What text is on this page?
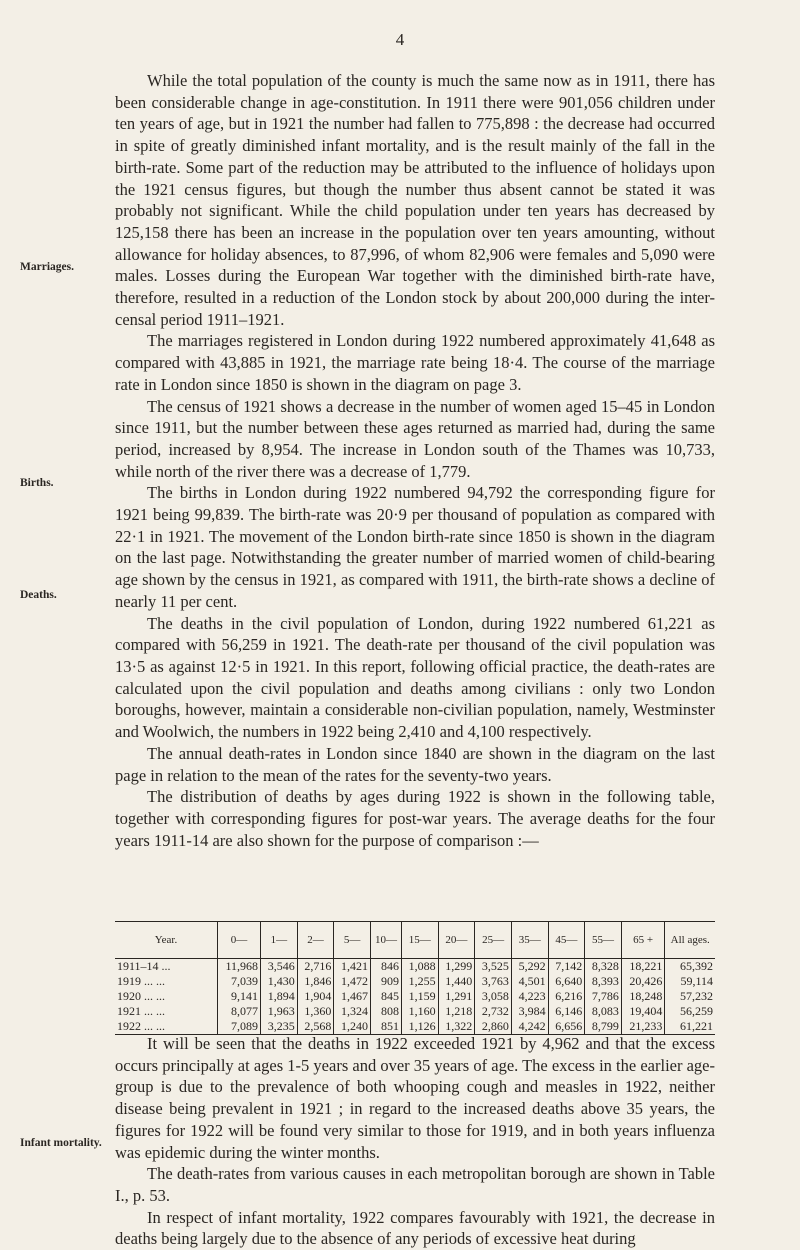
4

While the total population of the county is much the same now as in 1911, there has been considerable change in age-constitution. In 1911 there were 901,056 children under ten years of age, but in 1921 the number had fallen to 775,898 : the decrease had occurred in spite of greatly diminished infant mortality, and is the result mainly of the fall in the birth-rate. Some part of the reduction may be attributed to the influence of holidays upon the 1921 census figures, but though the number thus absent cannot be stated it was probably not significant. While the child population under ten years has decreased by 125,158 there has been an increase in the population over ten years amounting, without allowance for holiday absences, to 87,996, of whom 82,906 were females and 5,090 were males. Losses during the European War together with the diminished birth-rate have, therefore, resulted in a reduction of the London stock by about 200,000 during the inter-censal period 1911–1921.

The marriages registered in London during 1922 numbered approximately 41,648 as compared with 43,885 in 1921, the marriage rate being 18·4. The course of the marriage rate in London since 1850 is shown in the diagram on page 3.

The census of 1921 shows a decrease in the number of women aged 15–45 in London since 1911, but the number between these ages returned as married had, during the same period, increased by 8,954. The increase in London south of the Thames was 10,733, while north of the river there was a decrease of 1,779.

The births in London during 1922 numbered 94,792 the corresponding figure for 1921 being 99,839. The birth-rate was 20·9 per thousand of population as compared with 22·1 in 1921. The movement of the London birth-rate since 1850 is shown in the diagram on the last page. Notwithstanding the greater number of married women of child-bearing age shown by the census in 1921, as compared with 1911, the birth-rate shows a decline of nearly 11 per cent.

The deaths in the civil population of London, during 1922 numbered 61,221 as compared with 56,259 in 1921. The death-rate per thousand of the civil population was 13·5 as against 12·5 in 1921. In this report, following official practice, the death-rates are calculated upon the civil population and deaths among civilians : only two London boroughs, however, maintain a considerable non-civilian population, namely, Westminster and Woolwich, the numbers in 1922 being 2,410 and 4,100 respectively.

The annual death-rates in London since 1840 are shown in the diagram on the last page in relation to the mean of the rates for the seventy-two years.

The distribution of deaths by ages during 1922 is shown in the following table, together with corresponding figures for post-war years. The average deaths for the four years 1911-14 are also shown for the purpose of comparison :—

Marriages.
Births.
Deaths.
Infant mortality.
Year.	0—	1—	2—	5—	10—	15—	20—	25—	35—	45—	55—	65 +	All ages.
1911–14 ...	11,968	3,546	2,716	1,421	846	1,088	1,299	3,525	5,292	7,142	8,328	18,221	65,392
1919 ... ...	7,039	1,430	1,846	1,472	909	1,255	1,440	3,763	4,501	6,640	8,393	20,426	59,114
1920 ... ...	9,141	1,894	1,904	1,467	845	1,159	1,291	3,058	4,223	6,216	7,786	18,248	57,232
1921 ... ...	8,077	1,963	1,360	1,324	808	1,160	1,218	2,732	3,984	6,146	8,083	19,404	56,259
1922 ... ...	7,089	3,235	2,568	1,240	851	1,126	1,322	2,860	4,242	6,656	8,799	21,233	61,221

It will be seen that the deaths in 1922 exceeded 1921 by 4,962 and that the excess occurs principally at ages 1-5 years and over 35 years of age. The excess in the earlier age-group is due to the prevalence of both whooping cough and measles in 1922, neither disease being prevalent in 1921 ; in regard to the increased deaths above 35 years, the figures for 1922 will be found very similar to those for 1919, and in both years influenza was epidemic during the winter months.

The death-rates from various causes in each metropolitan borough are shown in Table I., p. 53.

In respect of infant mortality, 1922 compares favourably with 1921, the decrease in deaths being largely due to the absence of any periods of excessive heat during
